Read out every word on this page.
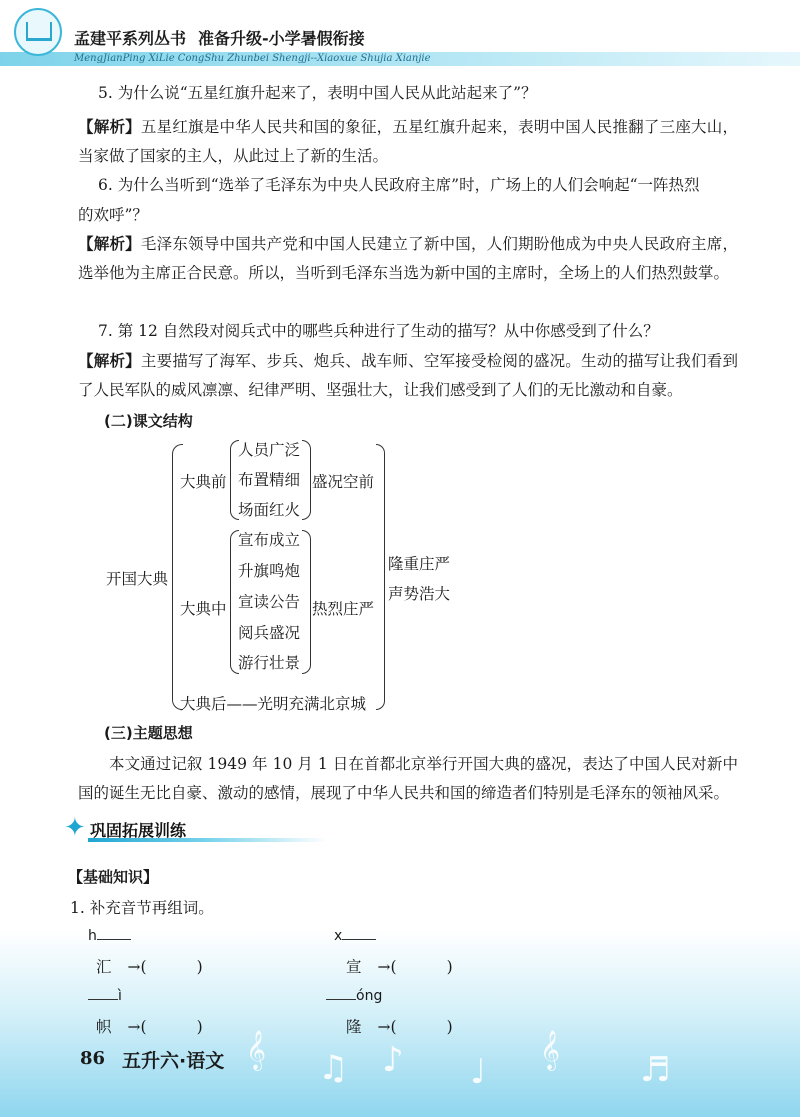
孟建平系列丛书 准备升级-小学暑假衔接
MengJianPing XiLie CongShu Zhunbei Shengji--Xiaoxue Shujia Xianjie
5. 为什么说“五星红旗升起来了，表明中国人民从此站起来了”？
【解析】五星红旗是中华人民共和国的象征，五星红旗升起来，表明中国人民推翻了三座大山，当家做了国家的主人，从此过上了新的生活。
6. 为什么当听到“选举了毛泽东为中央人民政府主席”时，广场上的人们会响起“一阵热烈
的欢呼”？
【解析】毛泽东领导中国共产党和中国人民建立了新中国，人们期盼他成为中央人民政府主席，选举他为主席正合民意。所以，当听到毛泽东当选为新中国的主席时，全场上的人们热烈鼓掌。
7. 第 12 自然段对阅兵式中的哪些兵种进行了生动的描写？从中你感受到了什么？
【解析】主要描写了海军、步兵、炮兵、战车师、空军接受检阅的盛况。生动的描写让我们看到了人民军队的威风凛凛、纪律严明、坚强壮大，让我们感受到了人们的无比激动和自豪。
(二)课文结构
开国大典
大典前
人员广泛
布置精细
场面红火
盛况空前
大典中
宣布成立
升旗鸣炮
宣读公告
阅兵盛况
游行壮景
热烈庄严
大典后——光明充满北京城
隆重庄严
声势浩大
(三)主题思想
本文通过记叙 1949 年 10 月 1 日在首都北京举行开国大典的盛况，表达了中国人民对新中国的诞生无比自豪、激动的感情，展现了中华人民共和国的缔造者们特别是毛泽东的领袖风采。
✦ 巩固拓展训练
【基础知识】
1. 补充音节再组词。
h
汇 →(	)
x
宣 →(	)
ì
帜 →(	)
óng
隆 →(	)
86 五升六·语文 𝄞 ♫ ♪ ♩
𝄞 ♬
